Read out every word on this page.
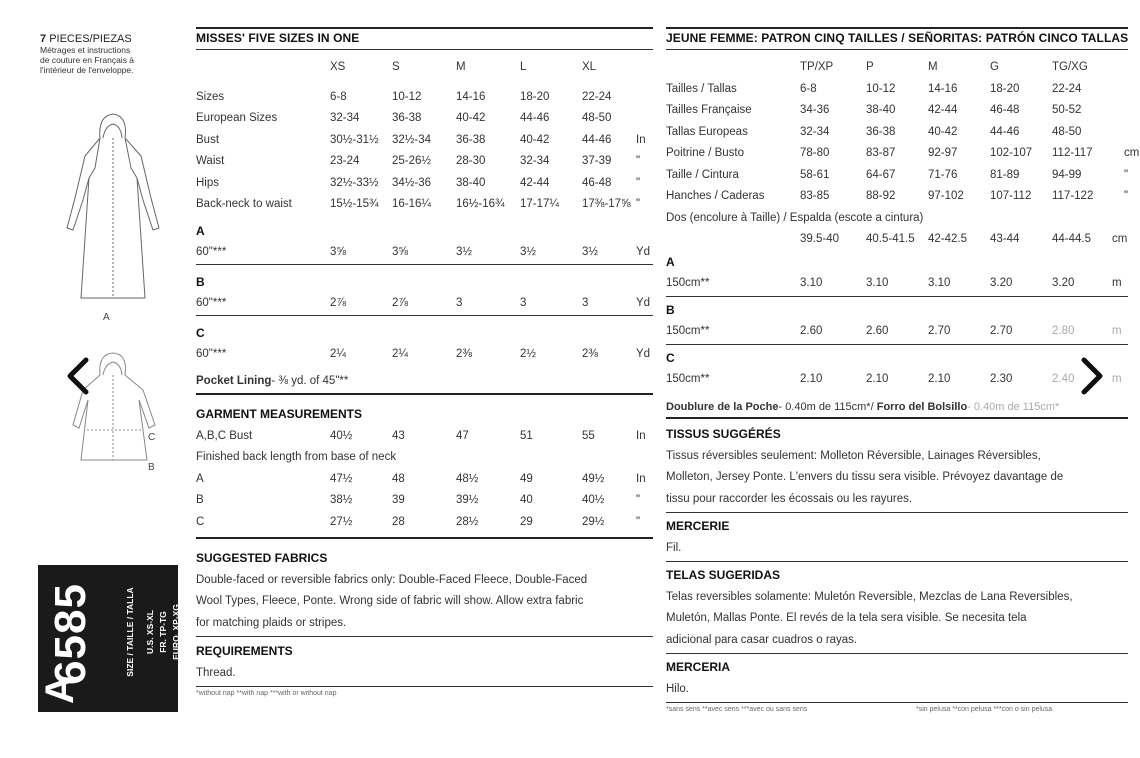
7 PIECES/PIEZAS
Métrages et instructions
de couture en Français à
l'intérieur de l'enveloppe.
A
C
B
6585	SIZE / TAILLE / TALLA U.S. XS-XL
FR. TP-TG
EURO. XP-XG
A
MISSES' FIVE SIZES IN ONE
XS	S	M	L	XL
Sizes	6-8	10-12	14-16	18-20	22-24
European Sizes	32-34	36-38	40-42	44-46	48-50
Bust	30½-31½ 32½-34 36-38	40-42	44-46 In
Waist	23-24	25-26½ 28-30	32-34	37-39 "
Hips	32½-33½ 34½-36 38-40	42-44	46-48 "
Back-neck to waist	15½-15¾ 16-16¼ 16½-16¾ 17-17¼ 17⅜-17⅝ "
A
60"***	3⅝	3⅝	3½	3½	3½	Yd
B
60"***	2⅞	2⅞	3	3	3	Yd
C
60"***	2¼	2¼	2⅜	2½	2⅜	Yd
Pocket Lining- ⅜ yd. of 45"**
GARMENT MEASUREMENTS
A,B,C Bust	40½	43	47	51	55	In
Finished back length from base of neck
A	47½	48	48½	49	49½	In
B	38½	39	39½	40	40½	"
C	27½	28	28½	29	29½	"
SUGGESTED FABRICS
Double-faced or reversible fabrics only: Double-Faced Fleece, Double-Faced
Wool Types, Fleece, Ponte. Wrong side of fabric will show. Allow extra fabric
for matching plaids or stripes.
REQUIREMENTS
Thread.
*without nap **with nap ***with or without nap
JEUNE FEMME: PATRON CINQ TAILLES / SEÑORITAS: PATRÓN CINCO TALLAS
TP/XP	P	M	G	TG/XG
Tailles / Tallas	6-8	10-12	14-16	18-20	22-24
Tailles Française	34-36	38-40	42-44	46-48	50-52
Tallas Europeas	32-34	36-38	40-42	44-46	48-50
Poitrine / Busto	78-80	83-87	92-97	102-107 112-117	cm
Taille / Cintura	58-61	64-67	71-76	81-89	94-99	"
Hanches / Caderas	83-85	88-92	97-102 107-112 117-122	"
Dos (encolure à Taille) / Espalda (escote a cintura)
39.5-40 40.5-41.5 42-42.5 43-44	44-44.5 cm
A
150cm**	3.10	3.10	3.10	3.20	3.20	m
B
150cm**	2.60	2.60	2.70	2.70	2.80	m
C
150cm**	2.10	2.10	2.10	2.30	2.40	m
Doublure de la Poche- 0.40m de 115cm*/ Forro del Bolsillo- 0.40m de 115cm*
TISSUS SUGGÉRÉS
Tissus réversibles seulement: Molleton Réversible, Lainages Réversibles,
Molleton, Jersey Ponte. L'envers du tissu sera visible. Prévoyez davantage de
tissu pour raccorder les écossais ou les rayures.
MERCERIE
Fil.
TELAS SUGERIDAS
Telas reversibles solamente: Muletón Reversible, Mezclas de Lana Reversibles,
Muletón, Mallas Ponte. El revés de la tela sera visible. Se necesita tela
adicional para casar cuadros o rayas.
MERCERIA
Hilo.
*sans sens **avec sens ***avec ou sans sens	*sin pelusa **con pelusa ***con o sin pelusa
